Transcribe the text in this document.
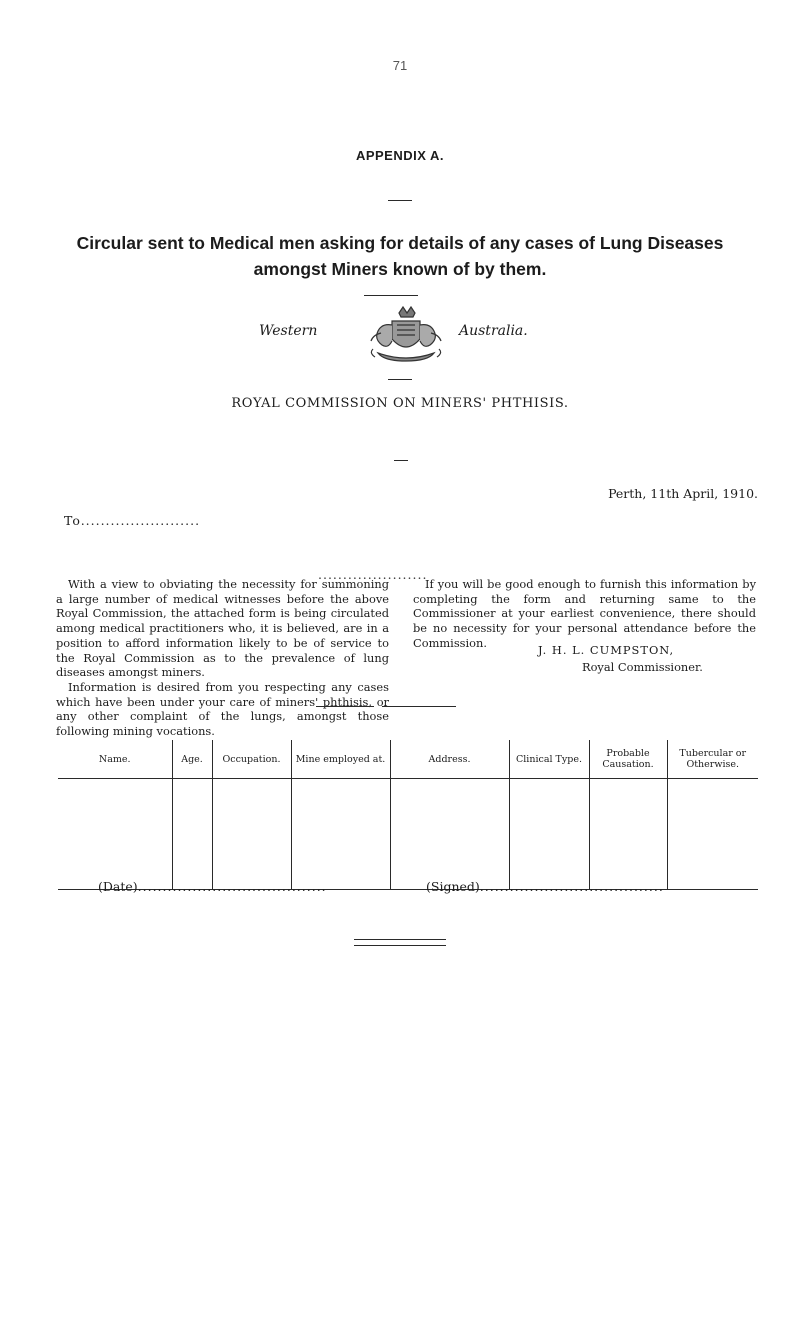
71
APPENDIX A.
Circular sent to Medical men asking for details of any cases of Lung Diseases
amongst Miners known of by them.
Western	Australia.
ROYAL COMMISSION ON MINERS' PHTHISIS.
Perth, 11th April, 1910.
To........................
......................

With a view to obviating the necessity for summoning a large number of medical witnesses before the above Royal Commission, the attached form is being circulated among medical practitioners who, it is believed, are in a position to afford information likely to be of service to the Royal Commission as to the prevalence of lung diseases amongst miners.

Information is desired from you respecting any cases which have been under your care of miners' phthisis, or any other complaint of the lungs, amongst those following mining vocations.

If you will be good enough to furnish this information by completing the form and returning same to the Commissioner at your earliest convenience, there should be no necessity for your personal attendance before the Commission.

J. H. L. CUMPSTON,
Royal Commissioner.
Name.	Age.	Occupation.	Mine employed at.	Address.	Clinical Type.	Probable Causation.	Tubercular or Otherwise.

(Date)......................................	(Signed).....................................
